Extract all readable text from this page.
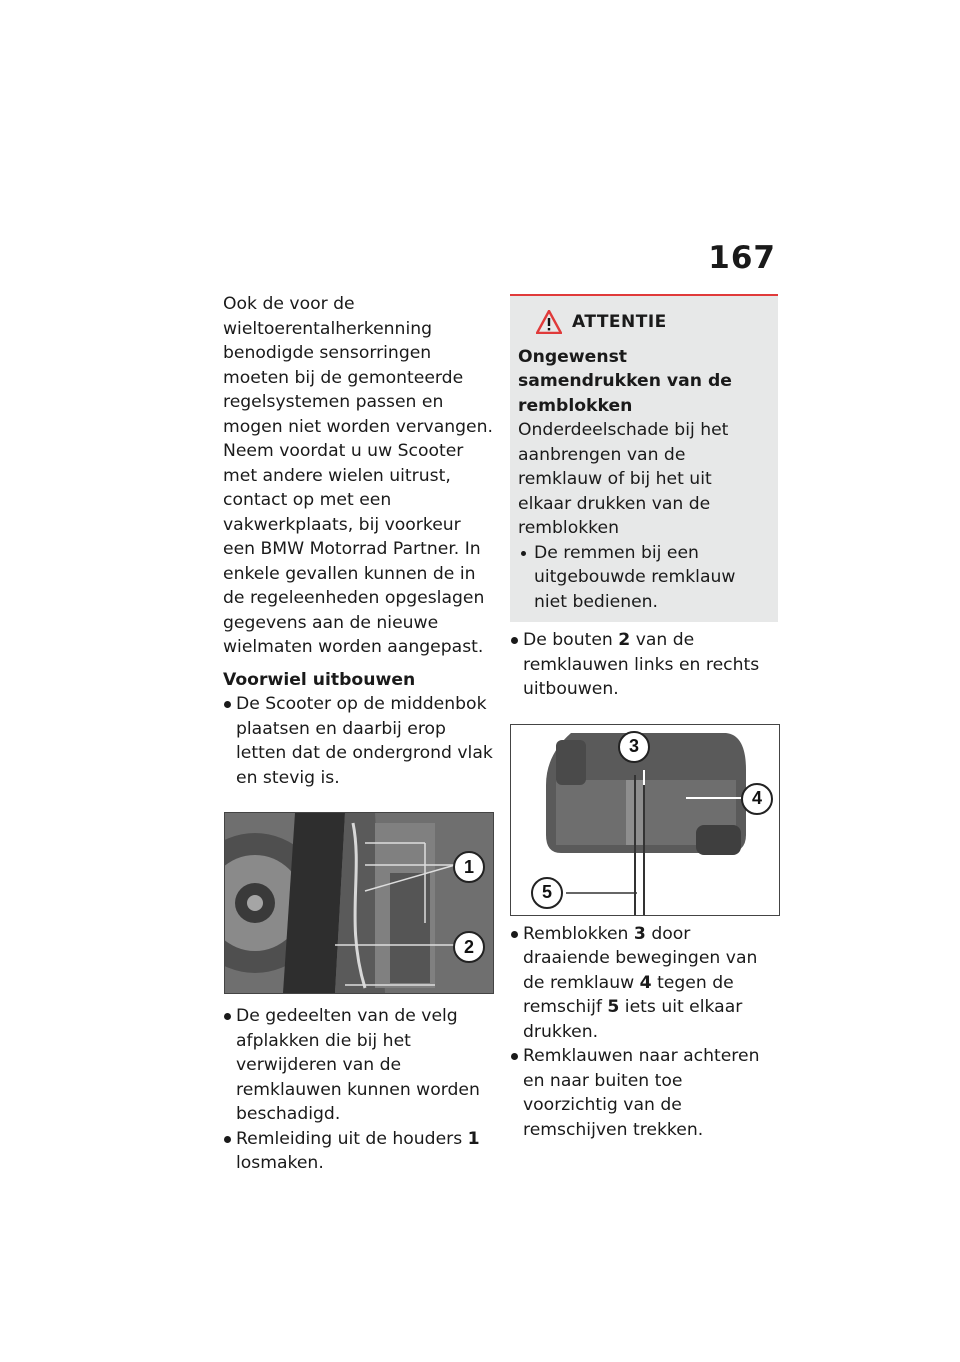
167

Ook de voor de wieltoerentalherkenning benodigde sensorringen moeten bij de gemonteerde regelsystemen passen en mogen niet worden vervangen.

Neem voordat u uw Scooter met andere wielen uitrust, contact op met een vakwerkplaats, bij voorkeur een BMW Motorrad Partner. In enkele gevallen kunnen de in de regeleenheden opgeslagen gegevens aan de nieuwe wielmaten worden aangepast.

Voorwiel uitbouwen

De Scooter op de middenbok plaatsen en daarbij erop letten dat de ondergrond vlak en stevig is.
1
2
De gedeelten van de velg afplakken die bij het verwijderen van de remklauwen kunnen worden beschadigd.
Remleiding uit de houders 1 losmaken.
ATTENTIE

Ongewenst samendrukken van de remblokken

Onderdeelschade bij het aanbrengen van de remklauw of bij het uit elkaar drukken van de remblokken

De remmen bij een uitgebouwde remklauw niet bedienen.
De bouten 2 van de remklauwen links en rechts uitbouwen.
3
4
5
Remblokken 3 door draaiende bewegingen van de remklauw 4 tegen de remschijf 5 iets uit elkaar drukken.
Remklauwen naar achteren en naar buiten toe voorzichtig van de remschijven trekken.
